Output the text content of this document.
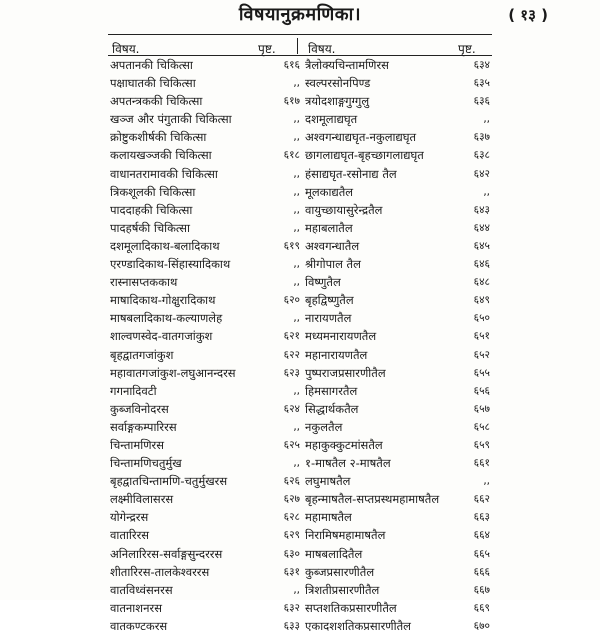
विषयानुक्रमणिका।	( १३ )
विषय.	पृष्ट.	विषय.	पृष्ट.
अपतानकी चिकित्सा	६१६
पक्षाघातकी चिकित्सा	,,
अपतन्त्रककी चिकित्सा	६१७
खञ्ज और पंगुताकी चिकित्सा	,,
क्रोष्टुकशीर्षकी चिकित्सा	,,
कलायखञ्जकी चिकित्सा	६१८
वाधानतरामावकी चिकित्सा	,,
त्रिकशूलकी चिकित्सा	,,
पाददाहकी चिकित्सा	,,
पादहर्षकी चिकित्सा	,,
दशमूलादिकाथ-बलादिकाथ	६१९
एरण्डादिकाथ-सिंहास्यादिकाथ	,,
रास्नासप्तककाथ	,,
माषादिकाथ-गोक्षुरादिकाथ	६२०
माषबलादिकाथ-कल्याणलेह	,,
शाल्वणस्वेद-वातगजांकुश	६२१
बृहद्वातगजांकुश	६२२
महावातगजांकुश-लघुआनन्दरस	६२३
गगनादिवटी	,,
कुब्जविनोदरस	६२४
सर्वाङ्गकम्पारिरस	,,
चिन्तामणिरस	६२५
चिन्तामणिचतुर्मुख	,,
बृहद्वातचिन्तामणि-चतुर्मुखरस	६२६
लक्ष्मीविलासरस	६२७
योगेन्द्ररस	६२८
वातारिरस	६२९
अनिलारिरस-सर्वाङ्गसुन्दररस	६३०
शीतारिरस-तालकेश्वररस	६३१
वातविध्वंसनरस	,,
वातनाशनरस	६३२
वातकण्टकरस	६३३
त्रैलोक्यचिन्तामणिरस	६३४
स्वल्परसोनपिण्ड	६३५
त्रयोदशाङ्गगुग्गुलु	६३६
दशमूलाद्यघृत	,,
अश्वगन्धाद्यघृत-नकुलाद्यघृत	६३७
छागलाद्यघृत-बृहच्छागलाद्यघृत	६३८
हंसाद्यघृत-रसोनाद्य तैल	६४२
मूलकाद्यतैल	,,
वायुच्छायासुरेन्द्रतैल	६४३
महाबलातैल	६४४
अश्वगन्धातैल	६४५
श्रीगोपाल तैल	६४६
विष्णुतैल	६४८
बृहद्विष्णुतैल	६४९
नारायणतैल	६५०
मध्यमनारायणतैल	६५१
महानारायणतैल	६५२
पुष्पराजप्रसारणीतैल	६५५
हिमसागरतैल	६५६
सिद्धार्थकतैल	६५७
नकुलतैल	६५८
महाकुक्कुटमांसतैल	६५९
१-माषतैल २-माषतैल	६६१
लघुमाषतैल	,,
बृहन्माषतैल-सप्तप्रस्थमहामाषतैल	६६२
महामाषतैल	६६३
निरामिषमहामाषतैल	६६४
माषबलादितैल	६६५
कुब्जप्रसारणीतैल	६६६
त्रिशतीप्रसारणीतैल	६६७
सप्तशतिकप्रसारणीतैल	६६९
एकादशशतिकप्रसारणीतैल	६७०
